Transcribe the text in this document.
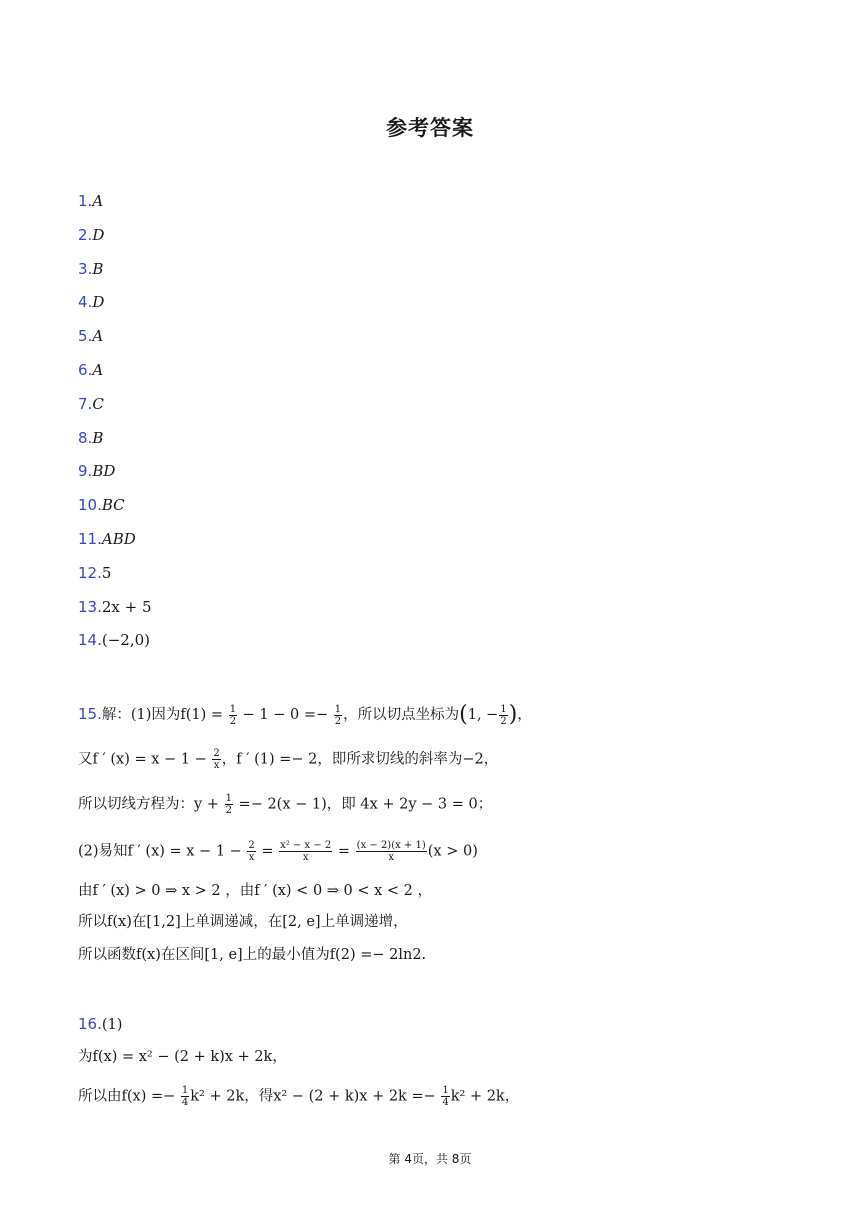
参考答案
1.A
2.D
3.B
4.D
5.A
6.A
7.C
8.B
9.BD
10.BC
11.ABD
12.5
13.2x + 5
14.(−2,0)
15.解：(1)因为$f(1) = \frac{1}{2} - 1 - 0 =- \frac{1}{2}$ ，所以切点坐标为(1, − $\frac{1}{2}$ )，
又f ′ $(x) = x - 1 - \frac{2}{x}$ ，f ′ (1) =− 2，即所求切线的斜率为−2，
所以切线方程为：$y + \frac{1}{2} =- 2(x - 1)$，即 4x + 2y − 3 = 0；
(2)易知f ′ $(x) = x - 1 - \frac{2}{x} = \frac{\text{x² − x − 2}}{x} = \frac{(x - 2)(x + 1)}{x} (x > 0)$
由f ′ (x) > 0 ⇒ x > 2 ，由f ′ (x) < 0 ⇒ 0 < x < 2 ，
所以f(x)在[1,2]上单调递减，在[2, e]上单调递增，
所以函数f(x)在区间[1, e]上的最小值为f(2) =− 2ln2.
16.(1)
为f(x) = x² − (2 + k)x + 2k，
所以由$f(x) =- \frac{1}{4} k^2 + 2k$，得$x^2 - (2 + k)x + 2k =- \frac{1}{4} k^2 + 2k$，
第 4页，共 8页
